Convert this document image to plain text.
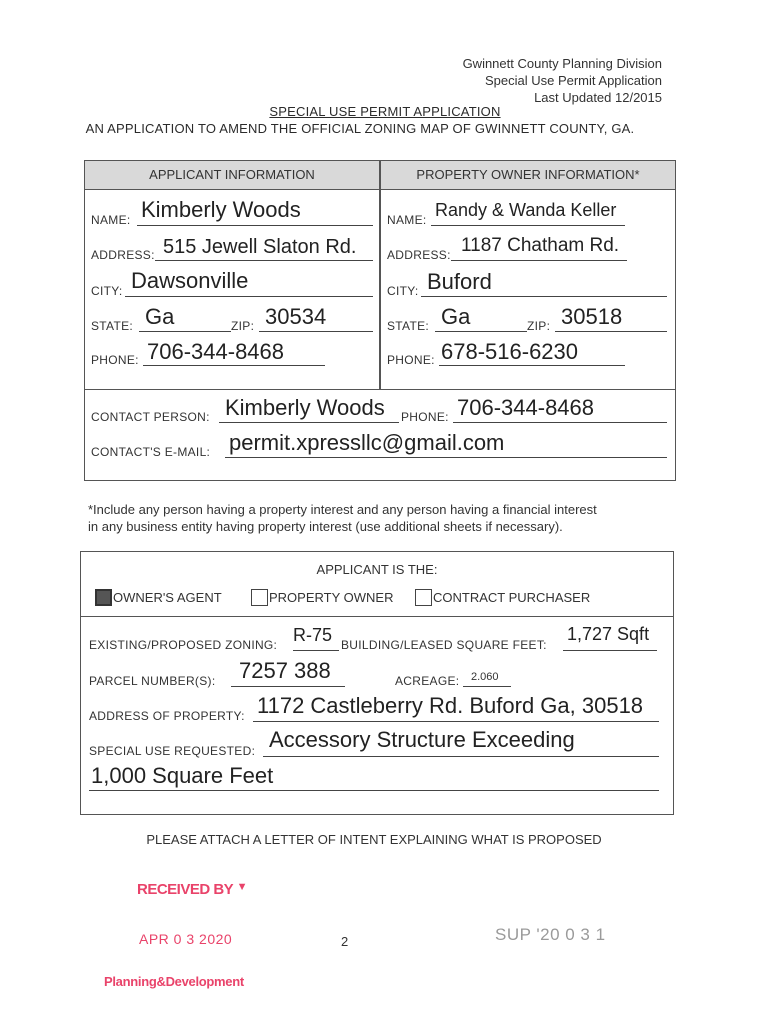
Gwinnett County Planning Division
Special Use Permit Application
Last Updated 12/2015
SPECIAL USE PERMIT APPLICATION
AN APPLICATION TO AMEND THE OFFICIAL ZONING MAP OF GWINNETT COUNTY, GA.
APPLICANT INFORMATION	PROPERTY OWNER INFORMATION*
NAME: Kimberly Woods
ADDRESS: 515 Jewell Slaton Rd.
CITY: Dawsonville
STATE: Ga	ZIP: 30534
PHONE: 706-344-8468
NAME: Randy & Wanda Keller
ADDRESS: 1187 Chatham Rd.
CITY: Buford
STATE: Ga	ZIP: 30518
PHONE: 678-516-6230
CONTACT PERSON: Kimberly Woods PHONE: 706-344-8468
CONTACT'S E-MAIL: permit.xpressllc@gmail.com
*Include any person having a property interest and any person having a financial interest
in any business entity having property interest (use additional sheets if necessary).
APPLICANT IS THE:
OWNER'S AGENT	PROPERTY OWNER	CONTRACT PURCHASER
EXISTING/PROPOSED ZONING: R-75 BUILDING/LEASED SQUARE FEET:
1,727 Sqft
PARCEL NUMBER(S): 7257 388	ACREAGE: 2.060
ADDRESS OF PROPERTY: 1172 Castleberry Rd. Buford Ga, 30518
SPECIAL USE REQUESTED: Accessory Structure Exceeding
1,000 Square Feet
PLEASE ATTACH A LETTER OF INTENT EXPLAINING WHAT IS PROPOSED
RECEIVED BY ▼
APR 0 3 2020
Planning&Development
2	SUP '20 0 3 1
